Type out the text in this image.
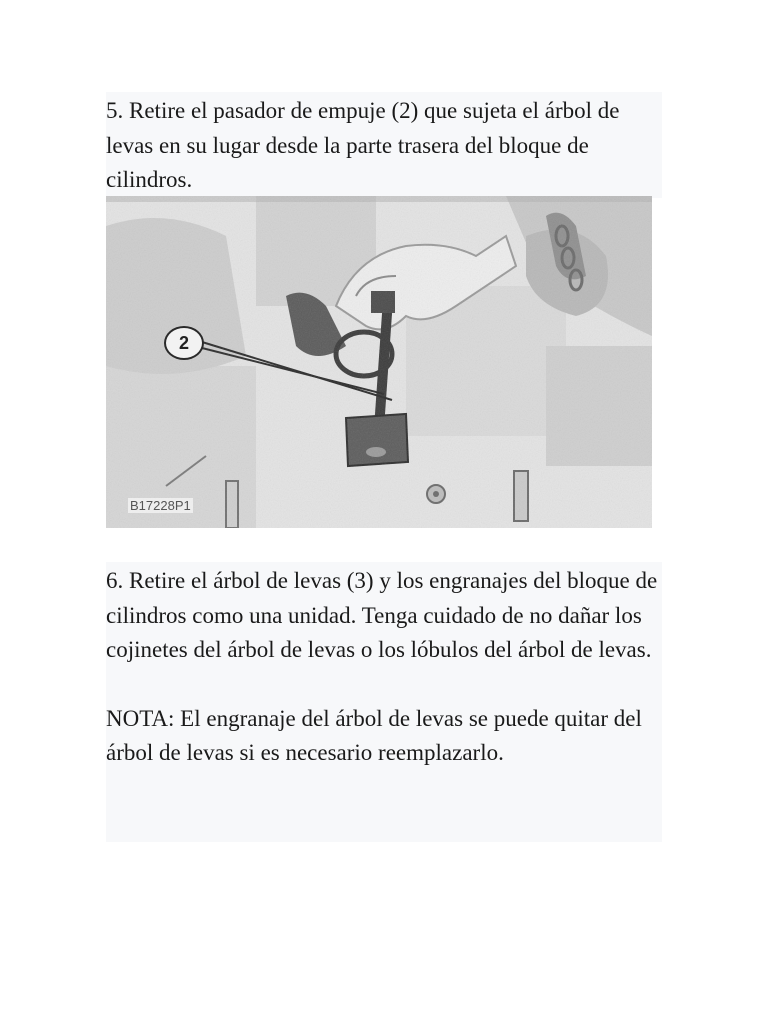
5. Retire el pasador de empuje (2) que sujeta el árbol de levas en su lugar desde la parte trasera del bloque de cilindros.

2
B17228P1

6. Retire el árbol de levas (3) y los engranajes del bloque de cilindros como una unidad. Tenga cuidado de no dañar los cojinetes del árbol de levas o los lóbulos del árbol de levas.

NOTA: El engranaje del árbol de levas se puede quitar del árbol de levas si es necesario reemplazarlo.
